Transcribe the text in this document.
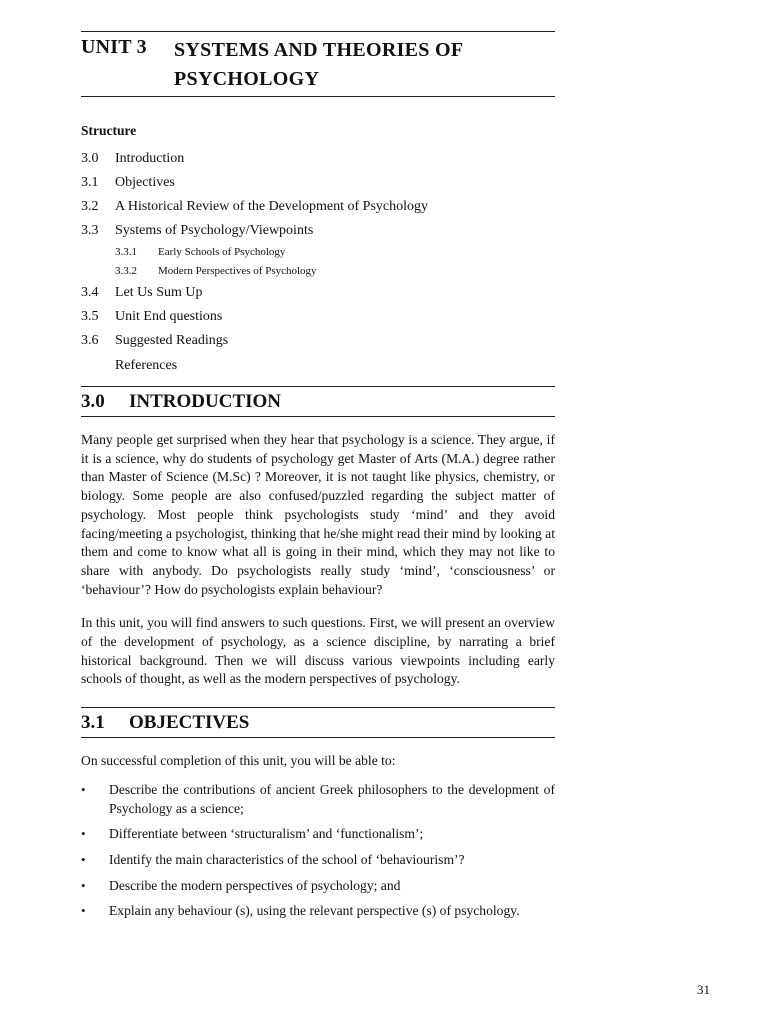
UNIT 3	SYSTEMS AND THEORIES OF
PSYCHOLOGY
Structure
3.0	Introduction
3.1	Objectives
3.2	A Historical Review of the Development of Psychology
3.3	Systems of Psychology/Viewpoints
3.3.1	Early Schools of Psychology
3.3.2	Modern Perspectives of Psychology
3.4	Let Us Sum Up
3.5	Unit End questions
3.6	Suggested Readings
References
3.0	INTRODUCTION

Many people get surprised when they hear that psychology is a science. They argue, if it is a science, why do students of psychology get Master of Arts (M.A.) degree rather than Master of Science (M.Sc) ? Moreover, it is not taught like physics, chemistry, or biology. Some people are also confused/puzzled regarding the subject matter of psychology. Most people think psychologists study ‘mind’ and they avoid facing/meeting a psychologist, thinking that he/she might read their mind by looking at them and come to know what all is going in their mind, which they may not like to share with anybody. Do psychologists really study ‘mind’, ‘consciousness’ or ‘behaviour’? How do psychologists explain behaviour?

In this unit, you will find answers to such questions. First, we will present an overview of the development of psychology, as a science discipline, by narrating a brief historical background. Then we will discuss various viewpoints including early schools of thought, as well as the modern perspectives of psychology.

3.1	OBJECTIVES

On successful completion of this unit, you will be able to:

• Describe the contributions of ancient Greek philosophers to the development of Psychology as a science;
• Differentiate between ‘structuralism’ and ‘functionalism’;
• Identify the main characteristics of the school of ‘behaviourism’?
• Describe the modern perspectives of psychology; and
• Explain any behaviour (s), using the relevant perspective (s) of psychology.
31
